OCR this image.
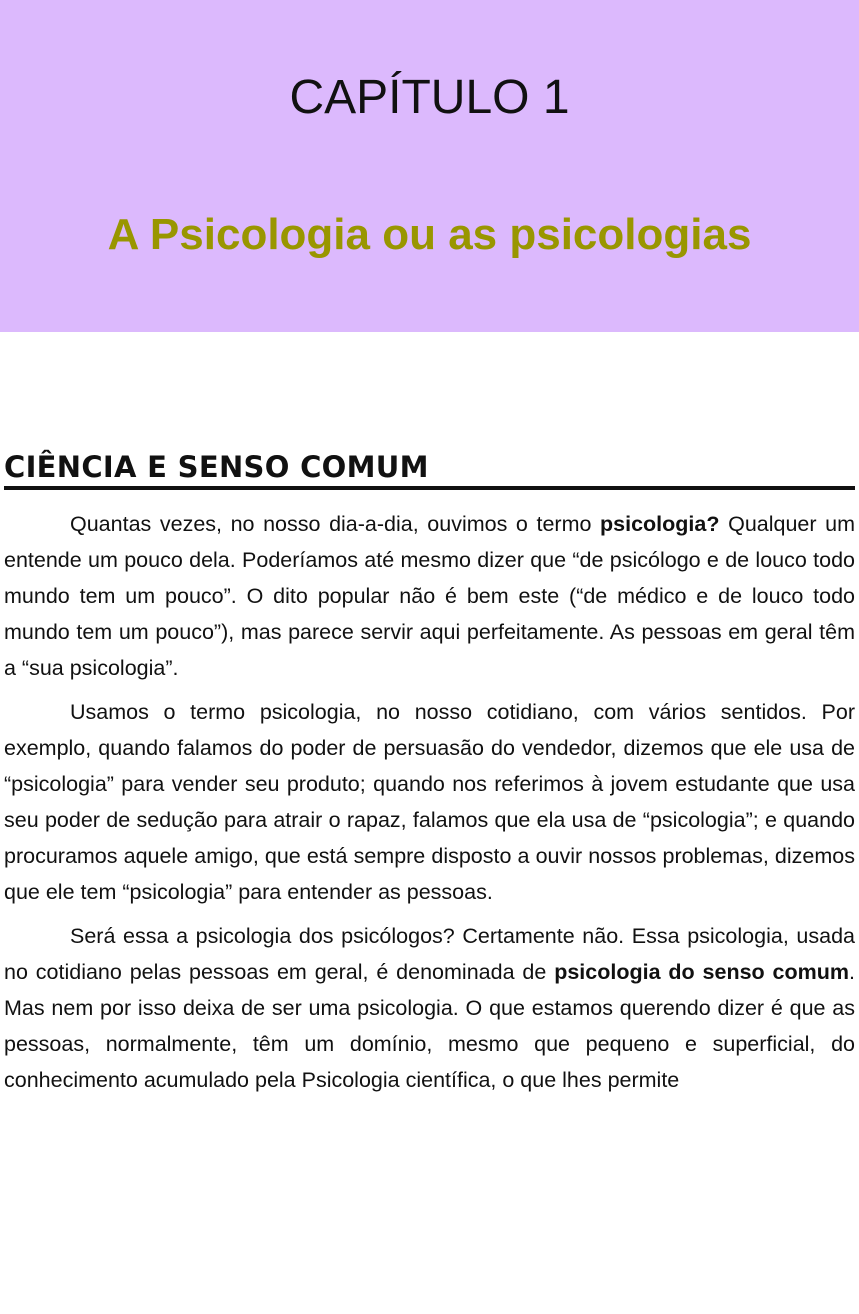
CAPÍTULO 1
A Psicologia ou as psicologias
CIÊNCIA E SENSO COMUM

Quantas vezes, no nosso dia-a-dia, ouvimos o termo psicologia? Qualquer um entende um pouco dela. Poderíamos até mesmo dizer que “de psicólogo e de louco todo mundo tem um pouco”. O dito popular não é bem este (“de médico e de louco todo mundo tem um pouco”), mas parece servir aqui perfeitamente. As pessoas em geral têm a “sua psicologia”.

Usamos o termo psicologia, no nosso cotidiano, com vários sentidos. Por exemplo, quando falamos do poder de persuasão do vendedor, dizemos que ele usa de “psicologia” para vender seu produto; quando nos referimos à jovem estudante que usa seu poder de sedução para atrair o rapaz, falamos que ela usa de “psicologia”; e quando procuramos aquele amigo, que está sempre disposto a ouvir nossos problemas, dizemos que ele tem “psicologia” para entender as pessoas.

Será essa a psicologia dos psicólogos? Certamente não. Essa psicologia, usada no cotidiano pelas pessoas em geral, é denominada de psicologia do senso comum. Mas nem por isso deixa de ser uma psicologia. O que estamos querendo dizer é que as pessoas, normalmente, têm um domínio, mesmo que pequeno e superficial, do conhecimento acumulado pela Psicologia científica, o que lhes permite
